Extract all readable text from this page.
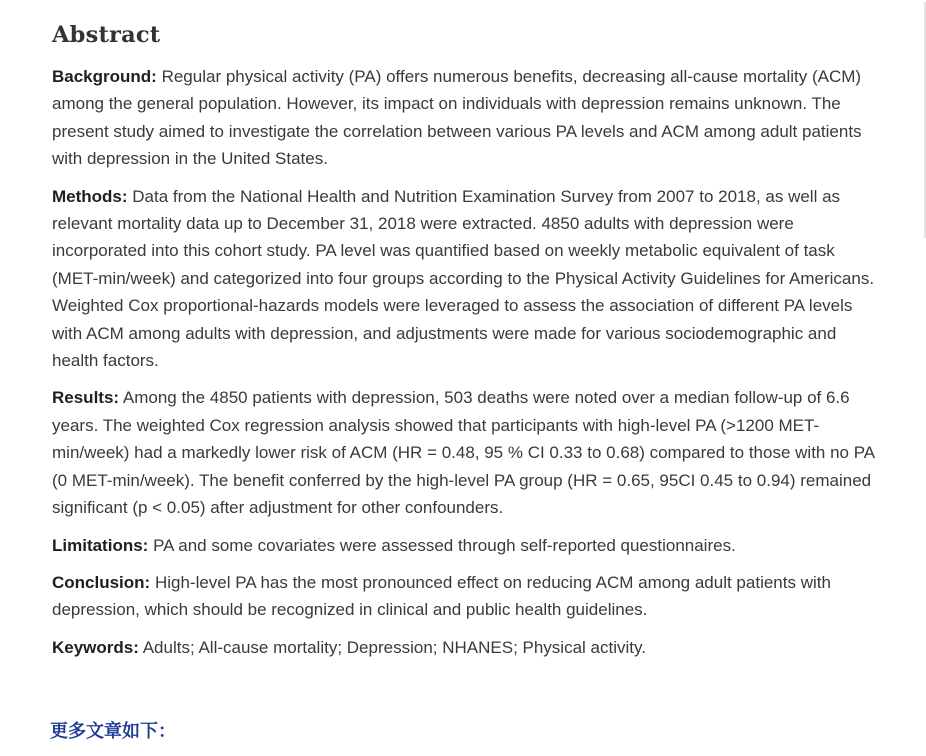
Abstract

Background: Regular physical activity (PA) offers numerous benefits, decreasing all-cause mortality (ACM) among the general population. However, its impact on individuals with depression remains unknown. The present study aimed to investigate the correlation between various PA levels and ACM among adult patients with depression in the United States.

Methods: Data from the National Health and Nutrition Examination Survey from 2007 to 2018, as well as relevant mortality data up to December 31, 2018 were extracted. 4850 adults with depression were incorporated into this cohort study. PA level was quantified based on weekly metabolic equivalent of task (MET-min/week) and categorized into four groups according to the Physical Activity Guidelines for Americans. Weighted Cox proportional-hazards models were leveraged to assess the association of different PA levels with ACM among adults with depression, and adjustments were made for various sociodemographic and health factors.

Results: Among the 4850 patients with depression, 503 deaths were noted over a median follow-up of 6.6 years. The weighted Cox regression analysis showed that participants with high-level PA (>1200 MET-min/week) had a markedly lower risk of ACM (HR = 0.48, 95 % CI 0.33 to 0.68) compared to those with no PA (0 MET-min/week). The benefit conferred by the high-level PA group (HR = 0.65, 95CI 0.45 to 0.94) remained significant (p < 0.05) after adjustment for other confounders.

Limitations: PA and some covariates were assessed through self-reported questionnaires.

Conclusion: High-level PA has the most pronounced effect on reducing ACM among adult patients with depression, which should be recognized in clinical and public health guidelines.

Keywords: Adults; All-cause mortality; Depression; NHANES; Physical activity.

更多文章如下：
